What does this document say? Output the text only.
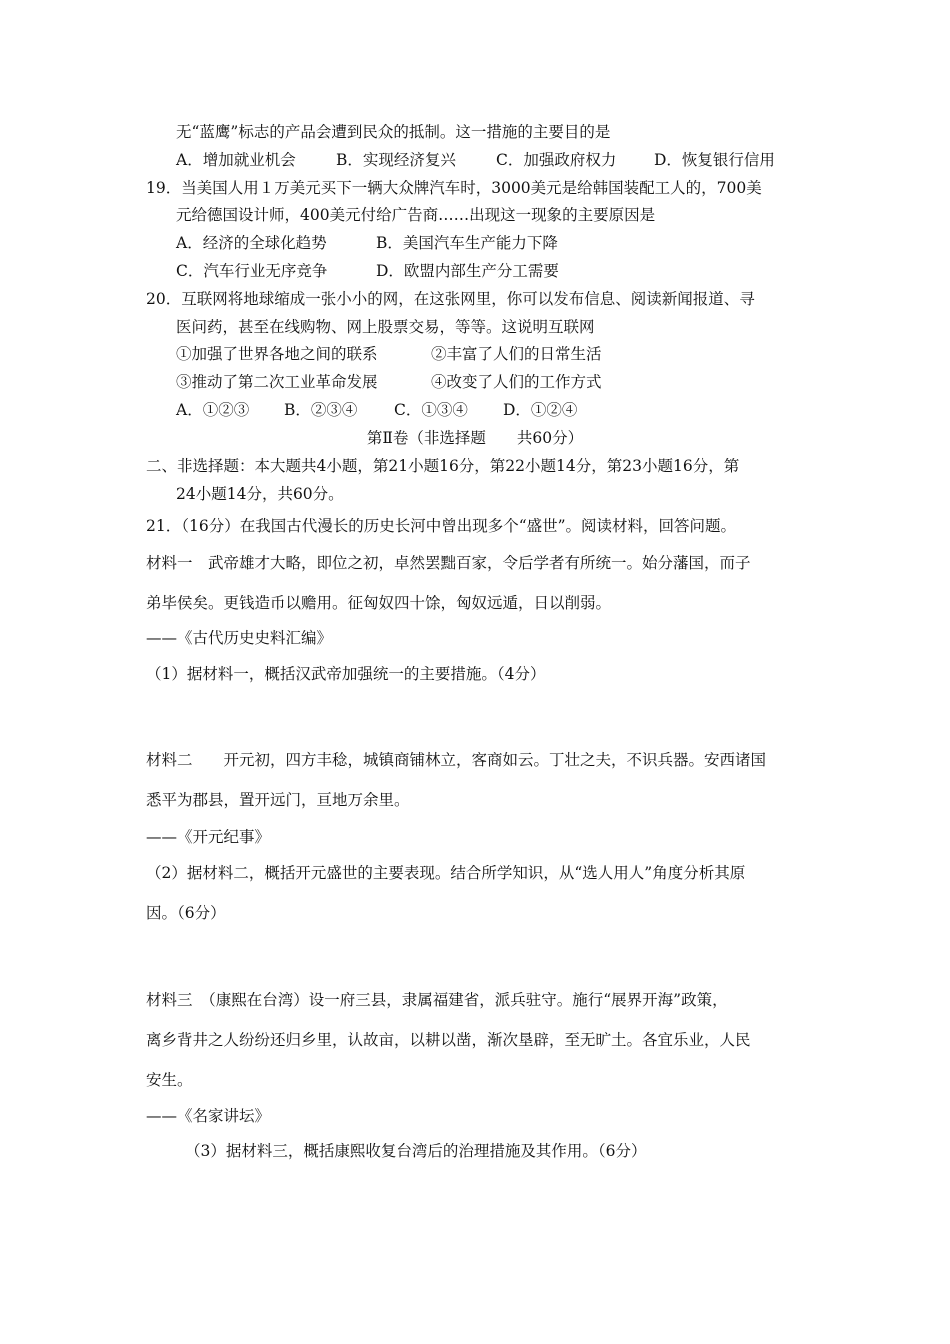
无“蓝鹰”标志的产品会遭到民众的抵制。这一措施的主要目的是
A．增加就业机会	B．实现经济复兴	C．加强政府权力 D．恢复银行信用
19．当美国人用１万美元买下一辆大众牌汽车时，3000美元是给韩国装配工人的，700美
元给德国设计师，400美元付给广告商……出现这一现象的主要原因是
A．经济的全球化趋势	B．美国汽车生产能力下降
C．汽车行业无序竞争	D．欧盟内部生产分工需要
20．互联网将地球缩成一张小小的网，在这张网里，你可以发布信息、阅读新闻报道、寻
医问药，甚至在线购物、网上股票交易，等等。这说明互联网
①加强了世界各地之间的联系	②丰富了人们的日常生活
③推动了第二次工业革命发展	④改变了人们的工作方式
A．①②③ B．②③④ C．①③④ D．①②④
第Ⅱ卷（非选择题　　共60分）
二、非选择题：本大题共4小题，第21小题16分，第22小题14分，第23小题16分，第
24小题14分，共60分。
21．（16分）在我国古代漫长的历史长河中曾出现多个“盛世”。阅读材料，回答问题。
材料一　武帝雄才大略，即位之初，卓然罢黜百家，令后学者有所统一。始分藩国，而子
弟毕侯矣。更钱造币以赡用。征匈奴四十馀，匈奴远遁，日以削弱。
——《古代历史史料汇编》
（1）据材料一，概括汉武帝加强统一的主要措施。（4分）
材料二　　开元初，四方丰稔，城镇商铺林立，客商如云。丁壮之夫，不识兵器。安西诸国
悉平为郡县，置开远门，亘地万余里。
——《开元纪事》
（2）据材料二，概括开元盛世的主要表现。结合所学知识，从“选人用人”角度分析其原
因。（6分）
材料三　（康熙在台湾）设一府三县，隶属福建省，派兵驻守。施行“展界开海”政策，
离乡背井之人纷纷还归乡里，认故亩，以耕以凿，渐次垦辟，至无旷土。各宜乐业，人民
安生。
——《名家讲坛》
（3）据材料三，概括康熙收复台湾后的治理措施及其作用。（6分）
